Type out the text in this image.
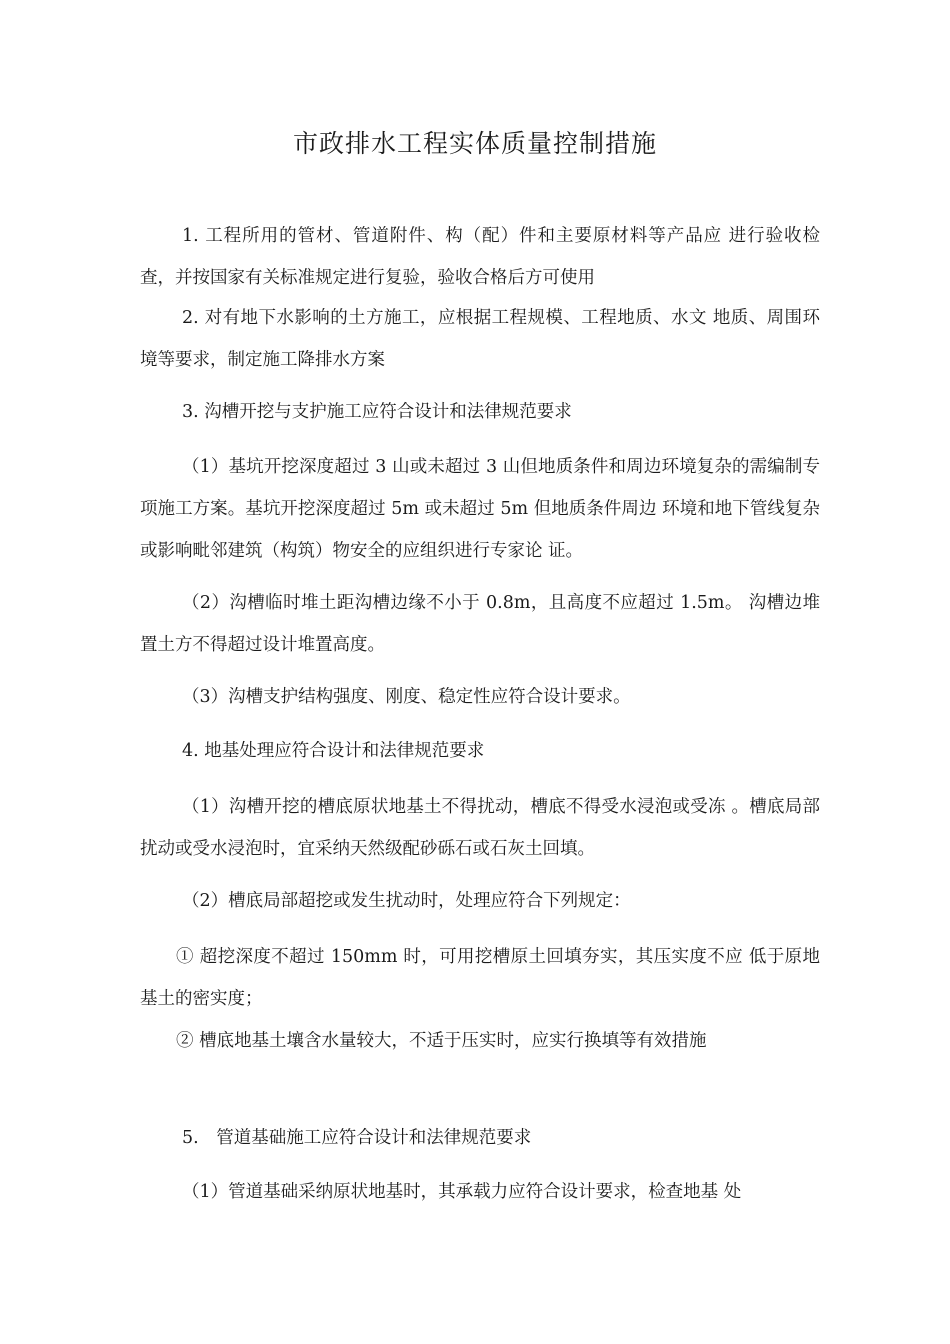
市政排水工程实体质量控制措施

1. 工程所用的管材、管道附件、构（配）件和主要原材料等产品应 进行验收检查，并按国家有关标准规定进行复验，验收合格后方可使用

2. 对有地下水影响的土方施工，应根据工程规模、工程地质、水文 地质、周围环境等要求，制定施工降排水方案

3. 沟槽开挖与支护施工应符合设计和法律规范要求

（1）基坑开挖深度超过 3 山或未超过 3 山但地质条件和周边环境复杂的需编制专项施工方案。基坑开挖深度超过 5m 或未超过 5m 但地质条件周边 环境和地下管线复杂或影响毗邻建筑（构筑）物安全的应组织进行专家论 证。

（2）沟槽临时堆土距沟槽边缘不小于 0.8m，且高度不应超过 1.5m。 沟槽边堆置土方不得超过设计堆置高度。

（3）沟槽支护结构强度、刚度、稳定性应符合设计要求。

4. 地基处理应符合设计和法律规范要求

（1）沟槽开挖的槽底原状地基土不得扰动，槽底不得受水浸泡或受冻 。槽底局部扰动或受水浸泡时，宜采纳天然级配砂砾石或石灰土回填。

（2）槽底局部超挖或发生扰动时，处理应符合下列规定：

① 超挖深度不超过 150mm 时，可用挖槽原土回填夯实，其压实度不应 低于原地基土的密实度；

② 槽底地基土壤含水量较大，不适于压实时，应实行换填等有效措施

5.　管道基础施工应符合设计和法律规范要求

（1）管道基础采纳原状地基时，其承载力应符合设计要求，检查地基 处
